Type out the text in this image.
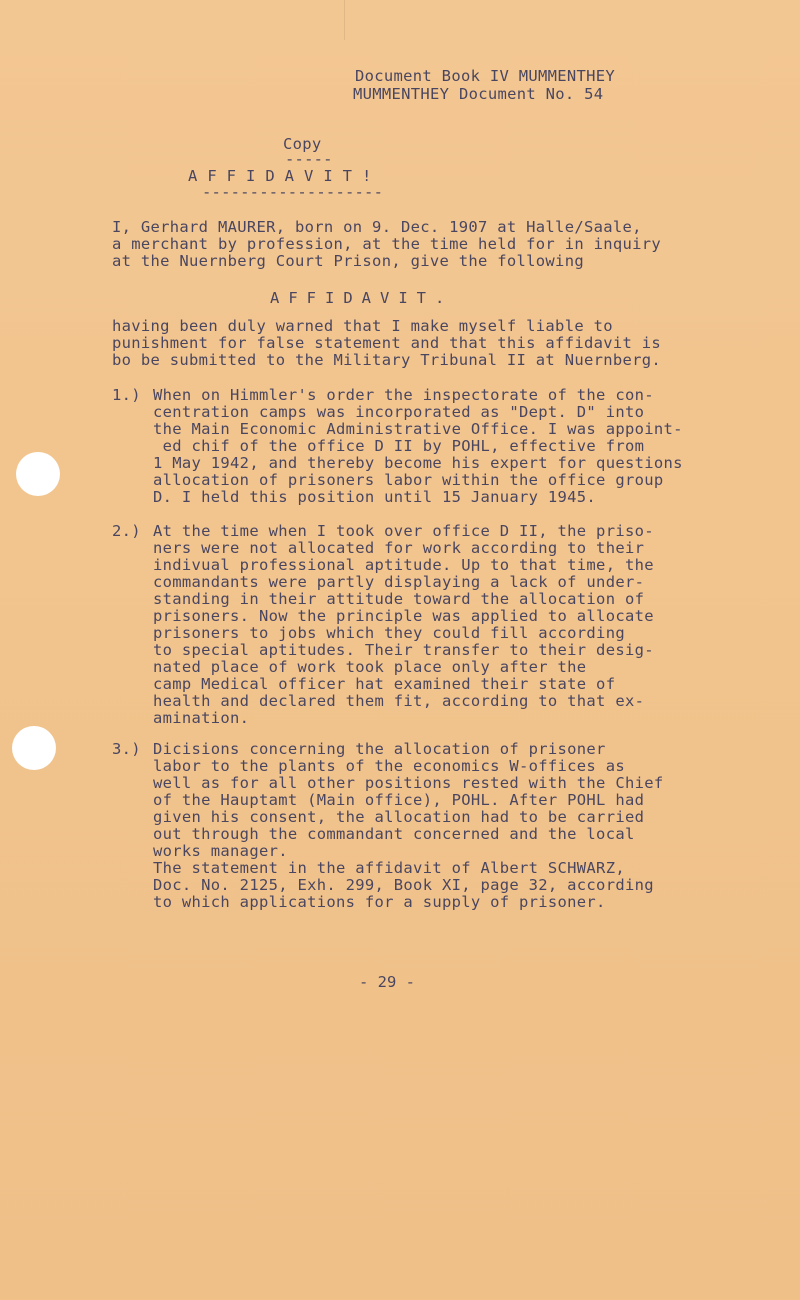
Document Book IV MUMMENTHEY
MUMMENTHEY Document No. 54
Copy
-----
AFFIDAVIT!
-------------------
I, Gerhard MAURER, born on 9. Dec. 1907 at Halle/Saale,
a merchant by profession, at the time held for in inquiry
at the Nuernberg Court Prison, give the following
AFFIDAVIT.
having been duly warned that I make myself liable to
punishment for false statement and that this affidavit is
bo be submitted to the Military Tribunal II at Nuernberg.
1.) When on Himmler's order the inspectorate of the con-
centration camps was incorporated as "Dept. D" into
the Main Economic Administrative Office. I was appoint-
ed chif of the office D II by POHL, effective from
1 May 1942, and thereby become his expert for questions
allocation of prisoners labor within the office group
D. I held this position until 15 January 1945.
2.) At the time when I took over office D II, the priso-
ners were not allocated for work according to their
indivual professional aptitude. Up to that time, the
commandants were partly displaying a lack of under-
standing in their attitude toward the allocation of
prisoners. Now the principle was applied to allocate
prisoners to jobs which they could fill according
to special aptitudes. Their transfer to their desig-
nated place of work took place only after the
camp Medical officer hat examined their state of
health and declared them fit, according to that ex-
amination.
3.) Dicisions concerning the allocation of prisoner
labor to the plants of the economics W-offices as
well as for all other positions rested with the Chief
of the Hauptamt (Main office), POHL. After POHL had
given his consent, the allocation had to be carried
out through the commandant concerned and the local
works manager.
The statement in the affidavit of Albert SCHWARZ,
Doc. No. 2125, Exh. 299, Book XI, page 32, according
to which applications for a supply of prisoner.
- 29 -
